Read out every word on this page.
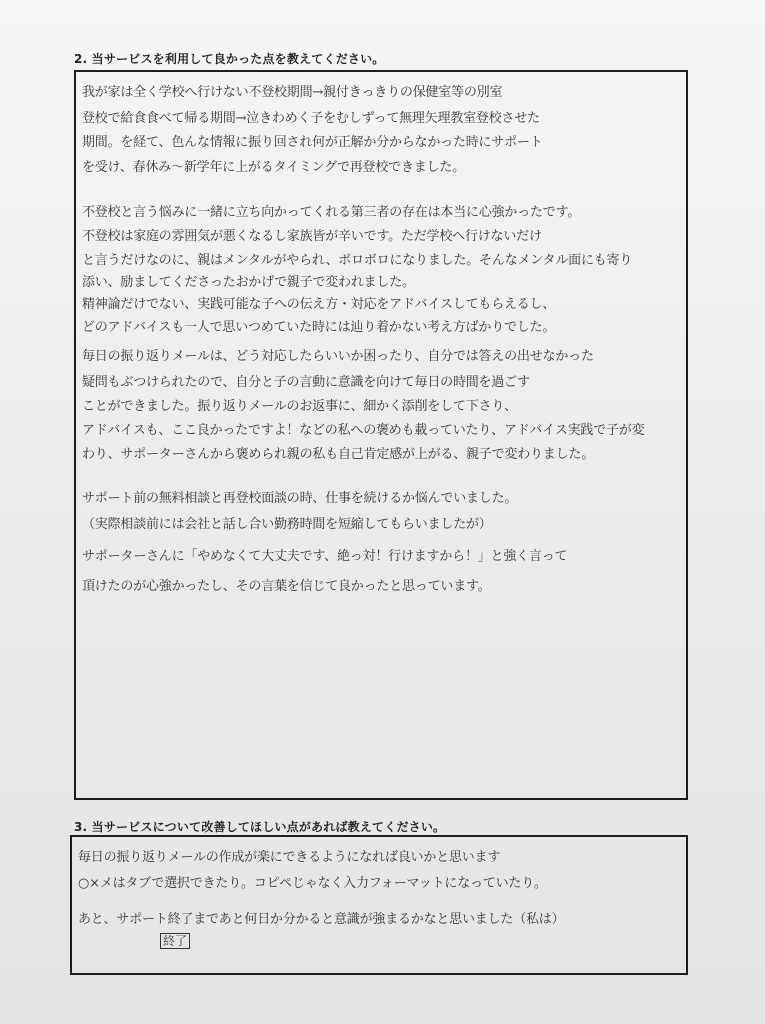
2. 当サービスを利用して良かった点を教えてください。
我が家は全く学校へ行けない不登校期間→親付きっきりの保健室等の別室
登校で給食食べて帰る期間→泣きわめく子をむしずって無理矢理教室登校させた
期間。を経て、色んな情報に振り回され何が正解か分からなかった時にサポート
を受け、春休み～新学年に上がるタイミングで再登校できました。
不登校と言う悩みに一緒に立ち向かってくれる第三者の存在は本当に心強かったです。
不登校は家庭の雰囲気が悪くなるし家族皆が辛いです。ただ学校へ行けないだけ
と言うだけなのに、親はメンタルがやられ、ボロボロになりました。そんなメンタル面にも寄り
添い、励ましてくださったおかげで親子で変われました。
精神論だけでない、実践可能な子への伝え方・対応をアドバイスしてもらえるし、
どのアドバイスも一人で思いつめていた時には辿り着かない考え方ばかりでした。
毎日の振り返りメールは、どう対応したらいいか困ったり、自分では答えの出せなかった
疑問もぶつけられたので、自分と子の言動に意識を向けて毎日の時間を過ごす
ことができました。振り返りメールのお返事に、細かく添削をして下さり、
アドバイスも、ここ良かったですよ！などの私への褒めも載っていたり、アドバイス実践で子が変
わり、サポーターさんから褒められ親の私も自己肯定感が上がる、親子で変わりました。
サポート前の無料相談と再登校面談の時、仕事を続けるか悩んでいました。
（実際相談前には会社と話し合い勤務時間を短縮してもらいましたが）
サポーターさんに「やめなくて大丈夫です、絶っ対！行けますから！」と強く言って
頂けたのが心強かったし、その言葉を信じて良かったと思っています。
3. 当サービスについて改善してほしい点があれば教えてください。
毎日の振り返りメールの作成が楽にできるようになれば良いかと思います
○×メはタブで選択できたり。コピペじゃなく入力フォーマットになっていたり。
あと、サポート終了まであと何日か分かると意識が強まるかなと思いました（私は）
終了
